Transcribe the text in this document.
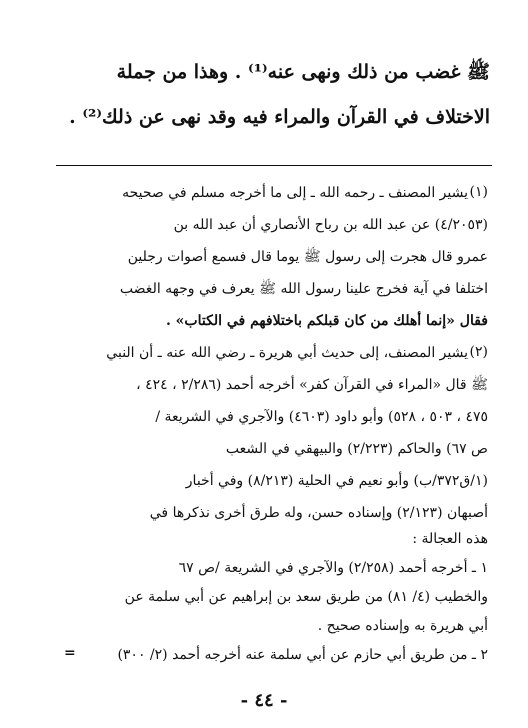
ﷺ غضب من ذلك ونهى عنه⁽¹⁾ . وهذا من جملة
الاختلاف في القرآن والمراء فيه وقد نهى عن ذلك⁽²⁾ .
(١)
يشير المصنف ـ رحمه الله ـ إلى ما أخرجه مسلم في صحيحه
(٤/٢٠٥٣) عن عبد الله بن رباح الأنصاري أن عبد الله بن
عمرو قال هجرت إلى رسول ﷺ يوما قال فسمع أصوات رجلين
اختلفا في آية فخرج علينا رسول الله ﷺ يعرف في وجهه الغضب
فقال «إنما أهلك من كان قبلكم باختلافهم في الكتاب» .
(٢)
يشير المصنف، إلى حديث أبي هريرة ـ رضي الله عنه ـ أن النبي
ﷺ قال «المراء في القرآن كفر» أخرجه أحمد (٢/٢٨٦ ، ٤٢٤ ،
٤٧٥ ، ٥٠٣ ، ٥٢٨) وأبو داود (٤٦٠٣) والآجري في الشريعة /
ص ٦٧) والحاكم (٢/٢٢٣) والبيهقي في الشعب
(١/ق٣٧٢/ب) وأبو نعيم في الحلية (٨/٢١٣) وفي أخبار
أصبهان (٢/١٢٣) وإسناده حسن، وله طرق أخرى نذكرها في
هذه العجالة :
١ ـ أخرجه أحمد (٢/٢٥٨) والآجري في الشريعة /ص ٦٧
والخطيب (٤/ ٨١) من طريق سعد بن إبراهيم عن أبي سلمة عن
أبي هريرة به وإسناده صحيح .
٢ ـ من طريق أبي حازم عن أبي سلمة عنه أخرجه أحمد (٢/ ٣٠٠)
=
- ٤٤ -
